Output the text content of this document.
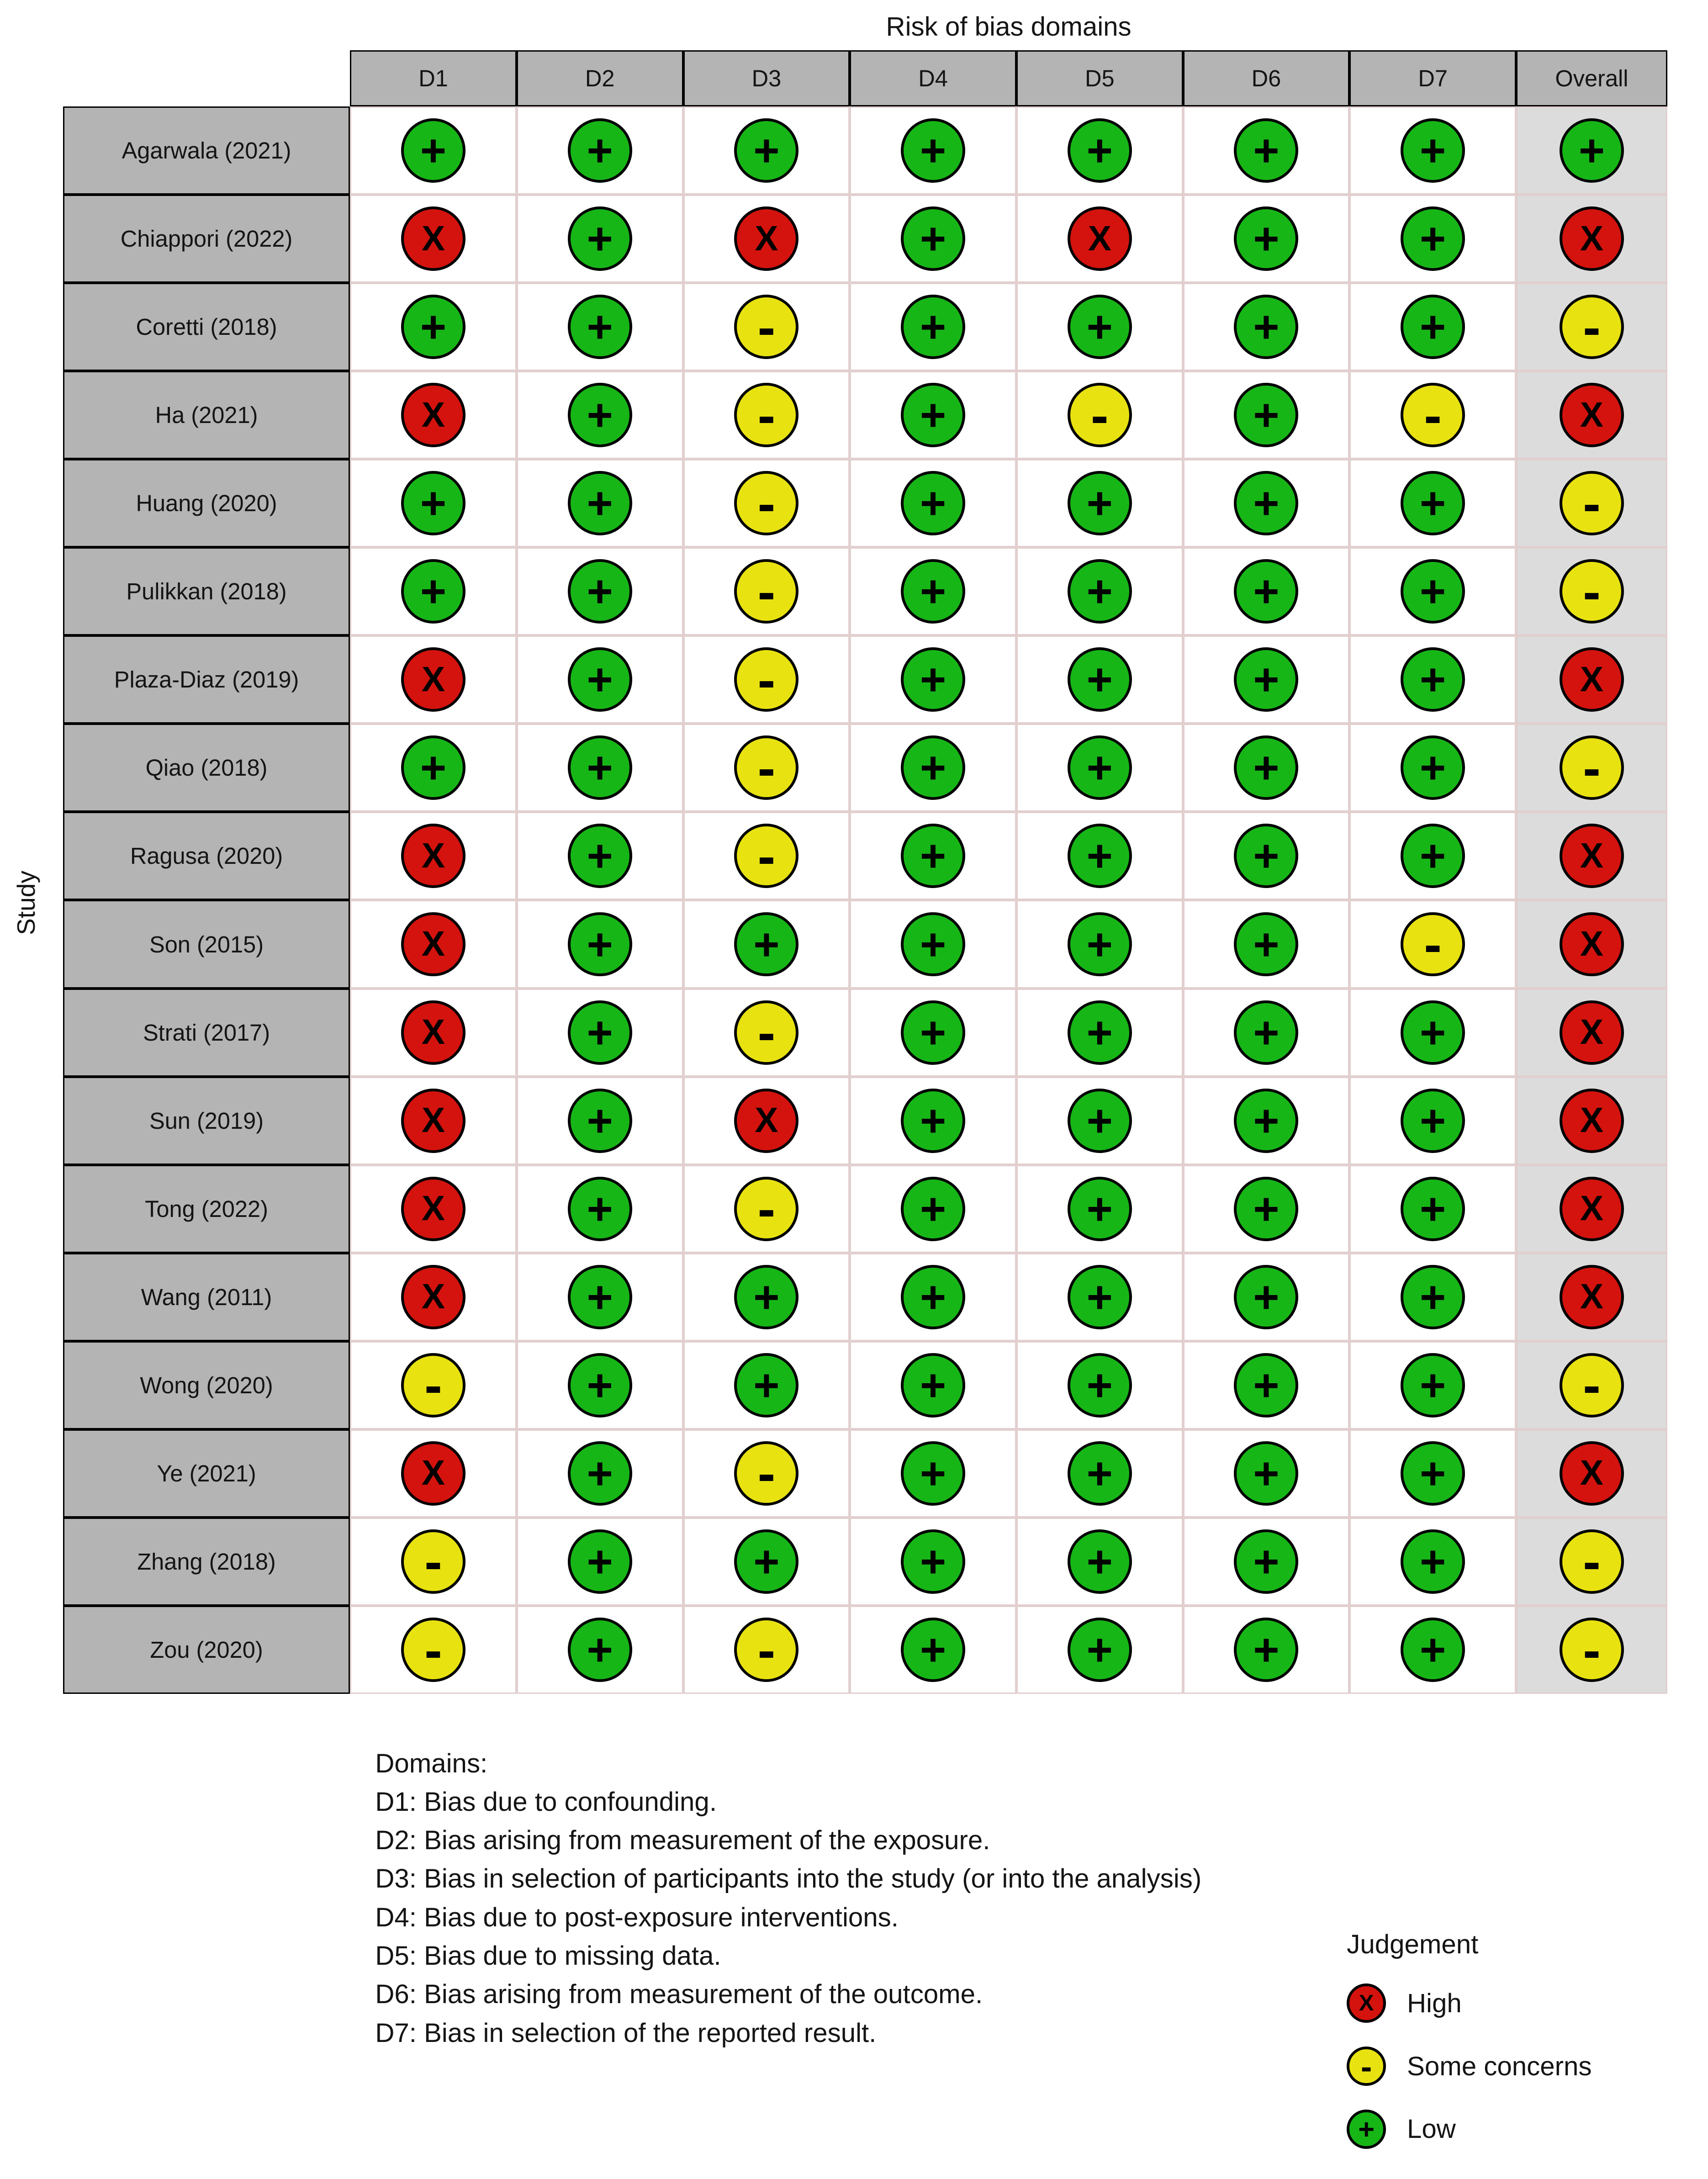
Risk of bias domains
Study
D1	D2	D3	D4	D5	D6	D7	Overall
Agarwala (2021)	+	+	+	+	+	+	+	+
Chiappori (2022)	X	+	X	+	X	+	+	X
Coretti (2018)	+	+	-	+	+	+	+	-
Ha (2021)	X	+	-	+	-	+	-	X
Huang (2020)	+	+	-	+	+	+	+	-
Pulikkan (2018)	+	+	-	+	+	+	+	-
Plaza-Diaz (2019)	X	+	-	+	+	+	+	X
Qiao (2018)	+	+	-	+	+	+	+	-
Ragusa (2020)	X	+	-	+	+	+	+	X
Son (2015)	X	+	+	+	+	+	-	X
Strati (2017)	X	+	-	+	+	+	+	X
Sun (2019)	X	+	X	+	+	+	+	X
Tong (2022)	X	+	-	+	+	+	+	X
Wang (2011)	X	+	+	+	+	+	+	X
Wong (2020)	-	+	+	+	+	+	+	-
Ye (2021)	X	+	-	+	+	+	+	X
Zhang (2018)	-	+	+	+	+	+	+	-
Zou (2020)	-	+	-	+	+	+	+	-
Domains:
D1: Bias due to confounding.
D2: Bias arising from measurement of the exposure.
D3: Bias in selection of participants into the study (or into the analysis)
D4: Bias due to post-exposure interventions.
D5: Bias due to missing data.
D6: Bias arising from measurement of the outcome.
D7: Bias in selection of the reported result.
Judgement
X	High
-	Some concerns
+	Low
